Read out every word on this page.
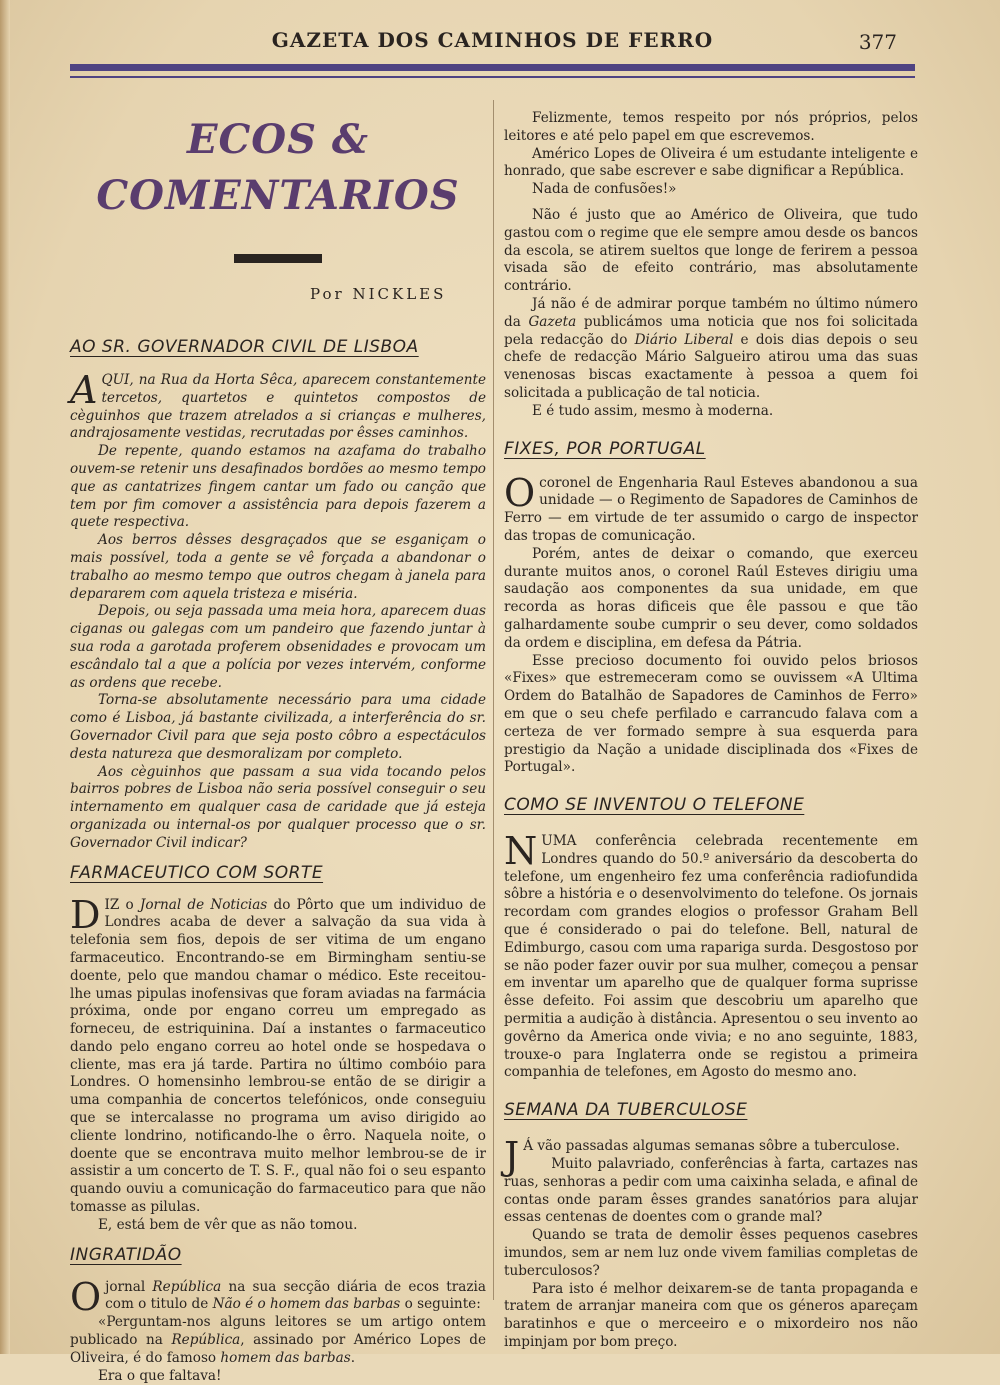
GAZETA DOS CAMINHOS DE FERRO	377
ECOS & COMENTARIOS
Por NICKLES
AO SR. GOVERNADOR CIVIL DE LISBOA

AQUI, na Rua da Horta Sêca, aparecem constantemente tercetos, quartetos e quintetos compostos de cèguinhos que trazem atrelados a si crianças e mulheres, andrajosamente vestidas, recrutadas por êsses caminhos.

De repente, quando estamos na azafama do trabalho ouvem-se retenir uns desafinados bordões ao mesmo tempo que as cantatrizes fingem cantar um fado ou canção que tem por fim comover a assistência para depois fazerem a quete respectiva.

Aos berros dêsses desgraçados que se esganiçam o mais possível, toda a gente se vê forçada a abandonar o trabalho ao mesmo tempo que outros chegam à janela para depararem com aquela tristeza e miséria.

Depois, ou seja passada uma meia hora, aparecem duas ciganas ou galegas com um pandeiro que fazendo juntar à sua roda a garotada proferem obsenidades e provocam um escândalo tal a que a polícia por vezes intervém, conforme as ordens que recebe.

Torna-se absolutamente necessário para uma cidade como é Lisboa, já bastante civilizada, a interferência do sr. Governador Civil para que seja posto côbro a espectáculos desta natureza que desmoralizam por completo.

Aos cèguinhos que passam a sua vida tocando pelos bairros pobres de Lisboa não seria possível conseguir o seu internamento em qualquer casa de caridade que já esteja organizada ou internal-os por qualquer processo que o sr. Governador Civil indicar?

FARMACEUTICO COM SORTE

DIZ o Jornal de Noticias do Pôrto que um individuo de Londres acaba de dever a salvação da sua vida à telefonia sem fios, depois de ser vitima de um engano farmaceutico. Encontrando-se em Birmingham sentiu-se doente, pelo que mandou chamar o médico. Este receitou-lhe umas pipulas inofensivas que foram aviadas na farmácia próxima, onde por engano correu um empregado as forneceu, de estriquinina. Daí a instantes o farmaceutico dando pelo engano correu ao hotel onde se hospedava o cliente, mas era já tarde. Partira no último combóio para Londres. O homensinho lembrou-se então de se dirigir a uma companhia de concertos telefónicos, onde conseguiu que se intercalasse no programa um aviso dirigido ao cliente londrino, notificando-lhe o êrro. Naquela noite, o doente que se encontrava muito melhor lembrou-se de ir assistir a um concerto de T. S. F., qual não foi o seu espanto quando ouviu a comunicação do farmaceutico para que não tomasse as pilulas.

E, está bem de vêr que as não tomou.

INGRATIDÃO

Ojornal República na sua secção diária de ecos trazia com o titulo de Não é o homem das barbas o seguinte:

«Perguntam-nos alguns leitores se um artigo ontem publicado na República, assinado por Américo Lopes de Oliveira, é do famoso homem das barbas.

Era o que faltava!

Felizmente, temos respeito por nós próprios, pelos leitores e até pelo papel em que escrevemos.

Américo Lopes de Oliveira é um estudante inteligente e honrado, que sabe escrever e sabe dignificar a República.

Nada de confusões!»

Não é justo que ao Américo de Oliveira, que tudo gastou com o regime que ele sempre amou desde os bancos da escola, se atirem sueltos que longe de ferirem a pessoa visada são de efeito contrário, mas absolutamente contrário.

Já não é de admirar porque também no último número da Gazeta publicámos uma noticia que nos foi solicitada pela redacção do Diário Liberal e dois dias depois o seu chefe de redacção Mário Salgueiro atirou uma das suas venenosas biscas exactamente à pessoa a quem foi solicitada a publicação de tal noticia.

E é tudo assim, mesmo à moderna.

FIXES, POR PORTUGAL

Ocoronel de Engenharia Raul Esteves abandonou a sua unidade — o Regimento de Sapadores de Caminhos de Ferro — em virtude de ter assumido o cargo de inspector das tropas de comunicação.

Porém, antes de deixar o comando, que exerceu durante muitos anos, o coronel Raúl Esteves dirigiu uma saudação aos componentes da sua unidade, em que recorda as horas dificeis que êle passou e que tão galhardamente soube cumprir o seu dever, como soldados da ordem e disciplina, em defesa da Pátria.

Esse precioso documento foi ouvido pelos briosos «Fixes» que estremeceram como se ouvissem «A Ultima Ordem do Batalhão de Sapadores de Caminhos de Ferro» em que o seu chefe perfilado e carrancudo falava com a certeza de ver formado sempre à sua esquerda para prestigio da Nação a unidade disciplinada dos «Fixes de Portugal».

COMO SE INVENTOU O TELEFONE

NUMA conferência celebrada recentemente em Londres quando do 50.º aniversário da descoberta do telefone, um engenheiro fez uma conferência radiofundida sôbre a história e o desenvolvimento do telefone. Os jornais recordam com grandes elogios o professor Graham Bell que é considerado o pai do telefone. Bell, natural de Edimburgo, casou com uma rapariga surda. Desgostoso por se não poder fazer ouvir por sua mulher, começou a pensar em inventar um aparelho que de qualquer forma suprisse êsse defeito. Foi assim que descobriu um aparelho que permitia a audição à distância. Apresentou o seu invento ao govêrno da America onde vivia; e no ano seguinte, 1883, trouxe-o para Inglaterra onde se registou a primeira companhia de telefones, em Agosto do mesmo ano.

SEMANA DA TUBERCULOSE

J Á vão passadas algumas semanas sôbre a tuberculose.

Muito palavriado, conferências à farta, cartazes nas ruas, senhoras a pedir com uma caixinha selada, e afinal de contas onde param êsses grandes sanatórios para alujar essas centenas de doentes com o grande mal?

Quando se trata de demolir êsses pequenos casebres imundos, sem ar nem luz onde vivem familias completas de tuberculosos?

Para isto é melhor deixarem-se de tanta propaganda e tratem de arranjar maneira com que os géneros apareçam baratinhos e que o merceeiro e o mixordeiro nos não impinjam por bom preço.
